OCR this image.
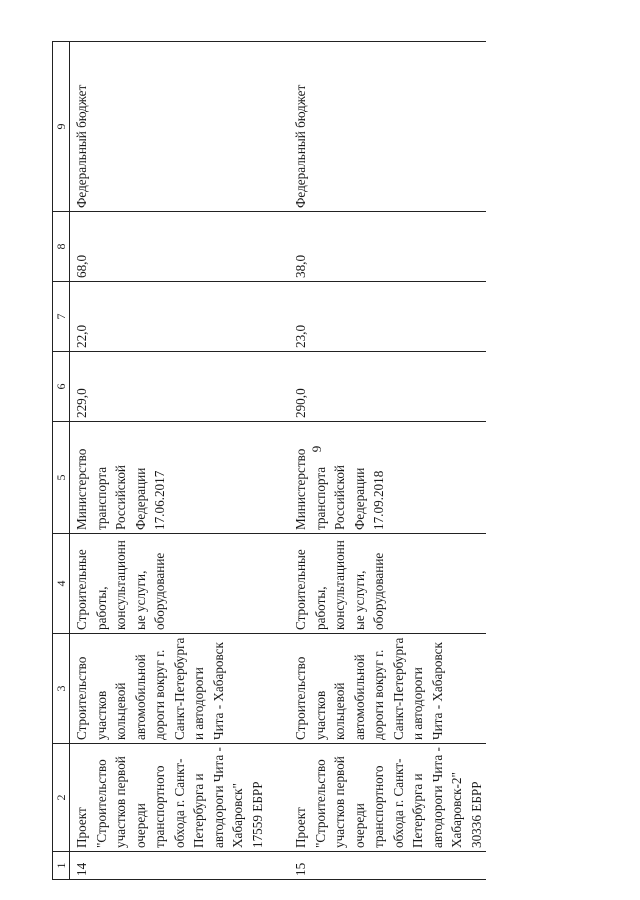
9
1	2	3	4	5	6	7	8	9
14	Проект "Строительство участков первой очереди транспортного обхода г. Санкт-Петербурга и автодороги Чита - Хабаровск" 17559 ЕБРР	Строительство участков кольцевой автомобильной дороги вокруг г. Санкт-Петербурга и автодороги Чита - Хабаровск	Строительные работы, консультационные услуги, оборудование	Министерство транспорта Российской Федерации 17.06.2017	229,0	22,0	68,0	Федеральный бюджет
15	Проект "Строительство участков первой очереди транспортного обхода г. Санкт-Петербурга и автодороги Чита - Хабаровск-2" 30336 ЕБРР	Строительство участков кольцевой автомобильной дороги вокруг г. Санкт-Петербурга и автодороги Чита - Хабаровск	Строительные работы, консультационные услуги, оборудование	Министерство транспорта Российской Федерации 17.09.2018	290,0	23,0	38,0	Федеральный бюджет
